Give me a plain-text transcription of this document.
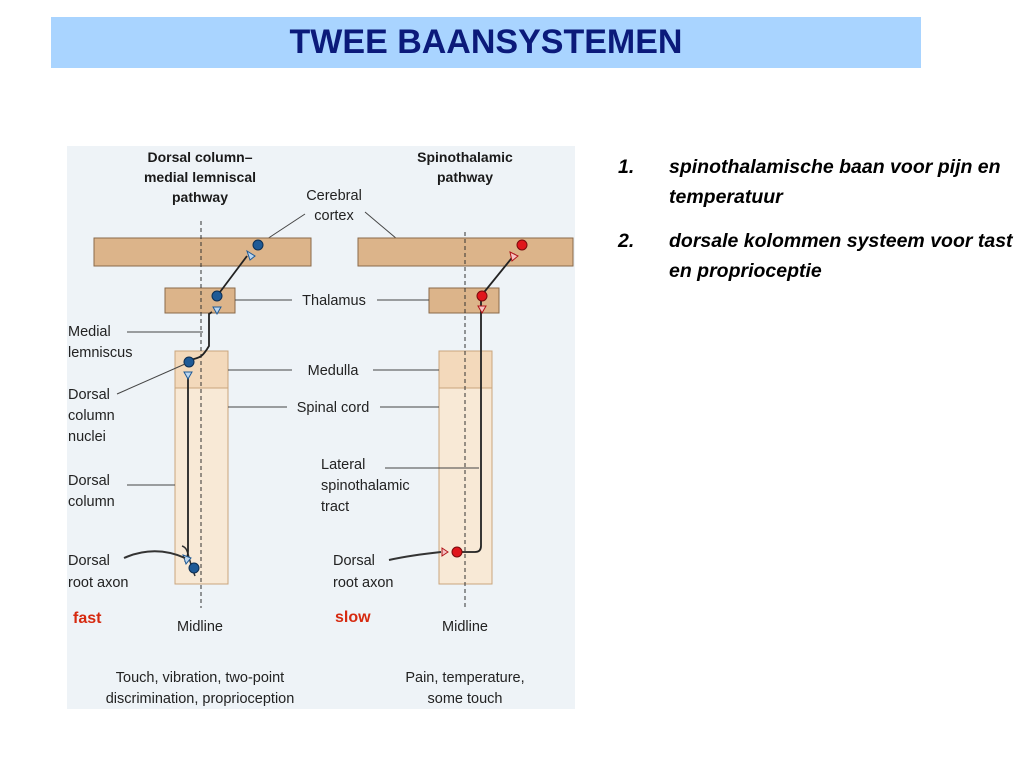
TWEE BAANSYSTEMEN
Dorsal column–
medial lemniscal
pathway
Spinothalamic
pathway
Cerebral
cortex
Thalamus
Medulla
Spinal cord
Medial
lemniscus
Dorsal
column
nuclei
Dorsal
column
Dorsal
root axon
Lateral
spinothalamic
tract
Dorsal
root axon
fast	slow
Midline	Midline
Touch, vibration, two-point
discrimination, proprioception
Pain, temperature,
some touch
1.	spinothalamische baan voor pijn en temperatuur
2.	dorsale kolommen systeem voor tast en proprioceptie
